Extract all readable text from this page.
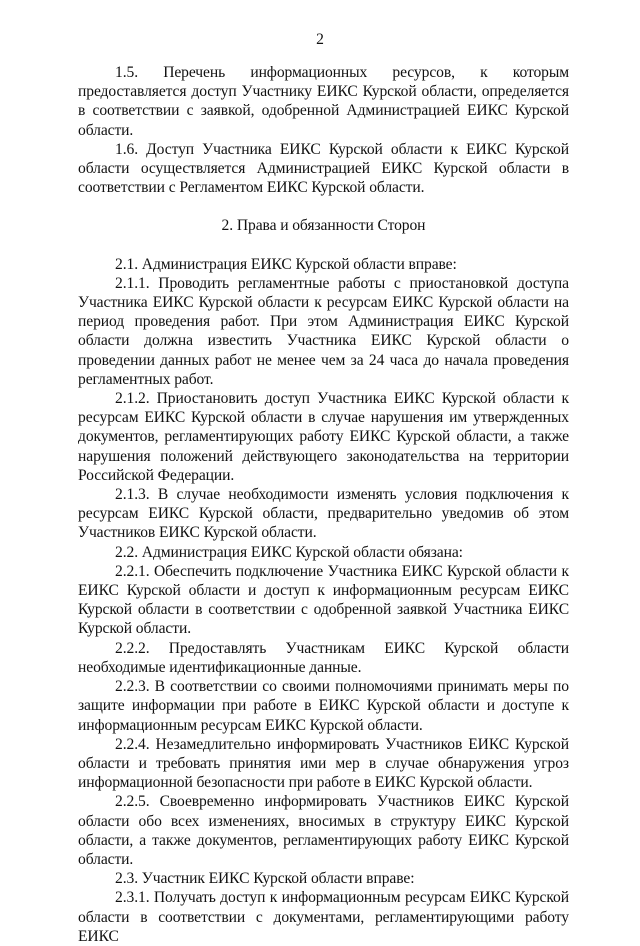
2

1.5. Перечень информационных ресурсов, к которым предоставляется доступ Участнику ЕИКС Курской области, определяется в соответствии с заявкой, одобренной Администрацией ЕИКС Курской области.

1.6. Доступ Участника ЕИКС Курской области к ЕИКС Курской области осуществляется Администрацией ЕИКС Курской области в соответствии с Регламентом ЕИКС Курской области.

2. Права и обязанности Сторон

2.1. Администрация ЕИКС Курской области вправе:

2.1.1. Проводить регламентные работы с приостановкой доступа Участника ЕИКС Курской области к ресурсам ЕИКС Курской области на период проведения работ. При этом Администрация ЕИКС Курской области должна известить Участника ЕИКС Курской области о проведении данных работ не менее чем за 24 часа до начала проведения регламентных работ.

2.1.2. Приостановить доступ Участника ЕИКС Курской области к ресурсам ЕИКС Курской области в случае нарушения им утвержденных документов, регламентирующих работу ЕИКС Курской области, а также нарушения положений действующего законодательства на территории Российской Федерации.

2.1.3. В случае необходимости изменять условия подключения к ресурсам ЕИКС Курской области, предварительно уведомив об этом Участников ЕИКС Курской области.

2.2. Администрация ЕИКС Курской области обязана:

2.2.1. Обеспечить подключение Участника ЕИКС Курской области к ЕИКС Курской области и доступ к информационным ресурсам ЕИКС Курской области в соответствии с одобренной заявкой Участника ЕИКС Курской области.

2.2.2. Предоставлять Участникам ЕИКС Курской области необходимые идентификационные данные.

2.2.3. В соответствии со своими полномочиями принимать меры по защите информации при работе в ЕИКС Курской области и доступе к информационным ресурсам ЕИКС Курской области.

2.2.4. Незамедлительно информировать Участников ЕИКС Курской области и требовать принятия ими мер в случае обнаружения угроз информационной безопасности при работе в ЕИКС Курской области.

2.2.5. Своевременно информировать Участников ЕИКС Курской области обо всех изменениях, вносимых в структуру ЕИКС Курской области, а также документов, регламентирующих работу ЕИКС Курской области.

2.3. Участник ЕИКС Курской области вправе:

2.3.1. Получать доступ к информационным ресурсам ЕИКС Курской области в соответствии с документами, регламентирующими работу ЕИКС
